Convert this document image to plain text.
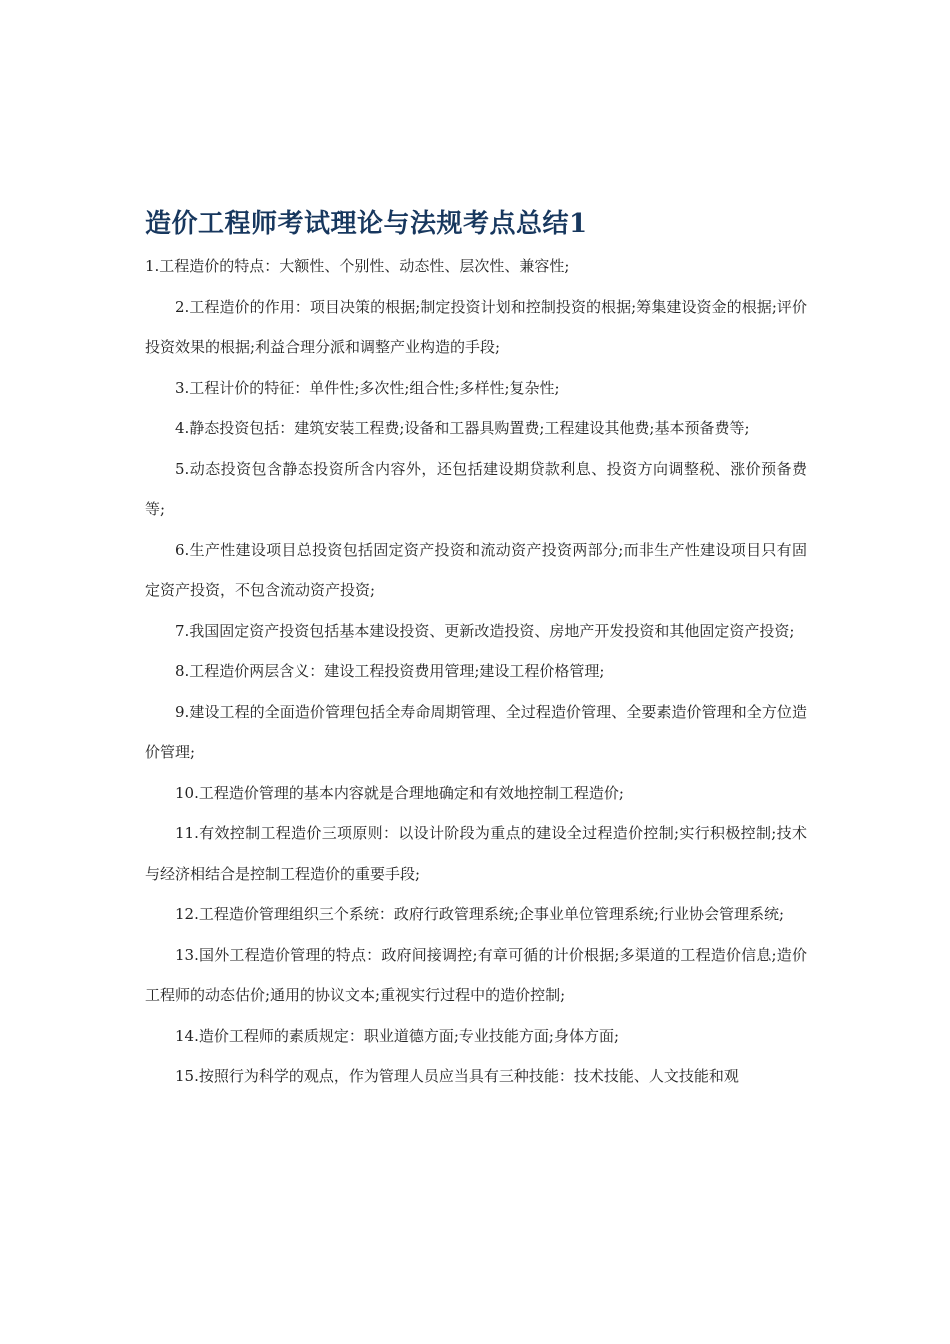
造价工程师考试理论与法规考点总结1

1.工程造价的特点：大额性、个别性、动态性、层次性、兼容性;

2.工程造价的作用：项目决策的根据;制定投资计划和控制投资的根据;筹集建设资金的根据;评价投资效果的根据;利益合理分派和调整产业构造的手段;

3.工程计价的特征：单件性;多次性;组合性;多样性;复杂性;

4.静态投资包括：建筑安装工程费;设备和工器具购置费;工程建设其他费;基本预备费等;

5.动态投资包含静态投资所含内容外，还包括建设期贷款利息、投资方向调整税、涨价预备费等;

6.生产性建设项目总投资包括固定资产投资和流动资产投资两部分;而非生产性建设项目只有固定资产投资，不包含流动资产投资;

7.我国固定资产投资包括基本建设投资、更新改造投资、房地产开发投资和其他固定资产投资;

8.工程造价两层含义：建设工程投资费用管理;建设工程价格管理;

9.建设工程的全面造价管理包括全寿命周期管理、全过程造价管理、全要素造价管理和全方位造价管理;

10.工程造价管理的基本内容就是合理地确定和有效地控制工程造价;

11.有效控制工程造价三项原则：以设计阶段为重点的建设全过程造价控制;实行积极控制;技术与经济相结合是控制工程造价的重要手段;

12.工程造价管理组织三个系统：政府行政管理系统;企事业单位管理系统;行业协会管理系统;

13.国外工程造价管理的特点：政府间接调控;有章可循的计价根据;多渠道的工程造价信息;造价工程师的动态估价;通用的协议文本;重视实行过程中的造价控制;

14.造价工程师的素质规定：职业道德方面;专业技能方面;身体方面;

15.按照行为科学的观点，作为管理人员应当具有三种技能：技术技能、人文技能和观
